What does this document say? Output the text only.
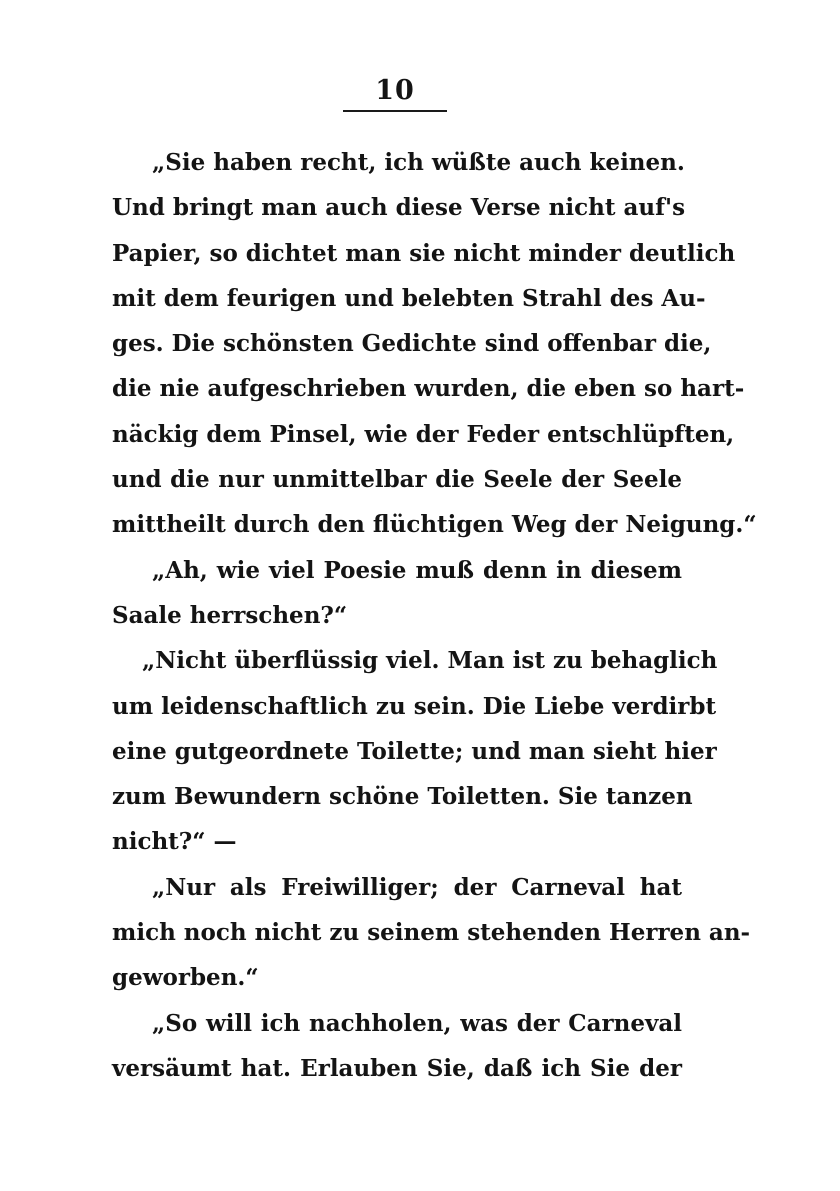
10
„Sie haben recht, ich wüßte auch keinen.
Und bringt man auch diese Verse nicht auf's
Papier, so dichtet man sie nicht minder deutlich
mit dem feurigen und belebten Strahl des Au-
ges. Die schönsten Gedichte sind offenbar die,
die nie aufgeschrieben wurden, die eben so hart-
näckig dem Pinsel, wie der Feder entschlüpften,
und die nur unmittelbar die Seele der Seele
mittheilt durch den flüchtigen Weg der Neigung.“
„Ah, wie viel Poesie muß denn in diesem
Saale herrschen?“
„Nicht überflüssig viel. Man ist zu behaglich
um leidenschaftlich zu sein. Die Liebe verdirbt
eine gutgeordnete Toilette; und man sieht hier
zum Bewundern schöne Toiletten. Sie tanzen
nicht?“ —
„Nur als Freiwilliger; der Carneval hat
mich noch nicht zu seinem stehenden Herren an-
geworben.“
„So will ich nachholen, was der Carneval
versäumt hat. Erlauben Sie, daß ich Sie der
